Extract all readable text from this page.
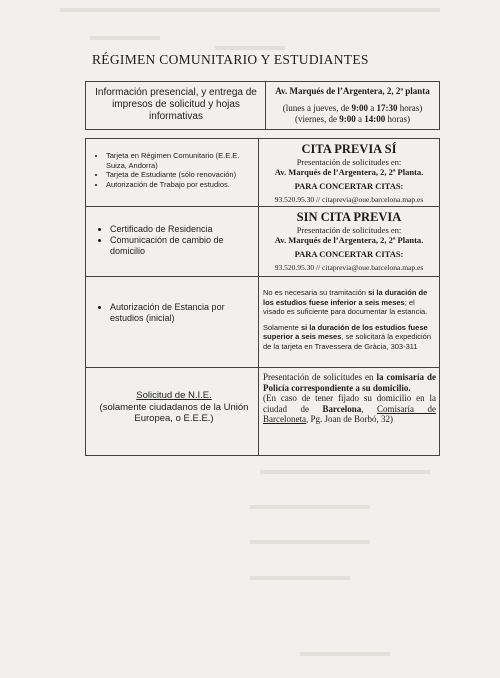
RÉGIMEN COMUNITARIO Y ESTUDIANTES
Información presencial, y entrega de impresos de solicitud y hojas informativas
Av. Marqués de l’Argentera, 2, 2ª planta
(lunes a jueves, de 9:00 a 17:30 horas)
(viernes, de 9:00 a 14:00 horas)
• Tarjeta en Régimen Comunitario (E.E.E. Suiza, Andorra)
• Tarjeta de Estudiante (sólo renovación)
• Autorización de Trabajo por estudios.
CITA PREVIA SÍ
Presentación de solicitudes en:
Av. Marqués de l’Argentera, 2, 2ª Planta.
PARA CONCERTAR CITAS:
93.520.95.30 // citaprevia@oue.barcelona.map.es
• Certificado de Residencia
• Comunicación de cambio de domicilio
SIN CITA PREVIA
Presentación de solicitudes en:
Av. Marqués de l’Argentera, 2, 2ª Planta.
PARA CONCERTAR CITAS:
93.520.95.30 // citaprevia@oue.barcelona.map.es
• Autorización de Estancia por estudios (inicial)
No es necesaria su tramitación si la duración de los estudios fuese inferior a seis meses; el visado es suficiente para documentar la estancia.
Solamente si la duración de los estudios fuese superior a seis meses, se solicitará la expedición de la tarjeta en Travessera de Gràcia, 303-311
Solicitud de N.I.E.
(solamente ciudadanos de la Unión Europea, o E.E.E.)
Presentación de solicitudes en la comisaría de Policía correspondiente a su domicilio.
(En caso de tener fijado su domicilio en la ciudad de Barcelona, Comisaría de Barceloneta, Pg. Joan de Borbó, 32)
